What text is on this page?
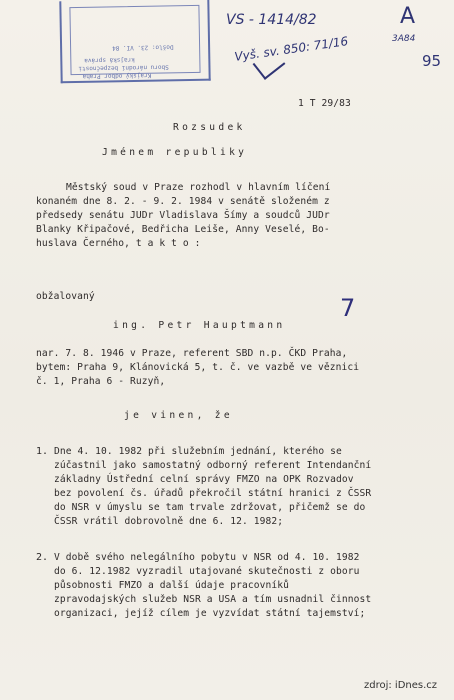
Došlo: 23. VI. 84
krajská správa
Sboru národní bezpečnosti
Krajský odbor Praha
VS - 1414/82
Vyš. sv. 850: 71/16
A
3A84
95
1 T 29/83
Rozsudek
Jménem republiky
Městský soud v Praze rozhodl v hlavním líčení
konaném dne 8. 2. - 9. 2. 1984 v senátě složeném z
předsedy senátu JUDr Vladislava Šímy a soudců JUDr
Blanky Křipačové, Bedřicha Leiše, Anny Veselé, Bo-
huslava Černého, t a k t o :
obžalovaný	7
ing. Petr Hauptmann
nar. 7. 8. 1946 v Praze, referent SBD n.p. ČKD Praha,
bytem: Praha 9, Klánovická 5, t. č. ve vazbě ve věznici
č. 1, Praha 6 - Ruzyň,
je vinen, že
1. Dne 4. 10. 1982 při služebním jednání, kterého se
zúčastnil jako samostatný odborný referent Intendanční
základny Ústřední celní správy FMZO na OPK Rozvadov
bez povolení čs. úřadů překročil státní hranici z ČSSR
do NSR v úmyslu se tam trvale zdržovat, přičemž se do
ČSSR vrátil dobrovolně dne 6. 12. 1982;
2. V době svého nelegálního pobytu v NSR od 4. 10. 1982
do 6. 12.1982 vyzradil utajované skutečnosti z oboru
působnosti FMZO a další údaje pracovníků
zpravodajských služeb NSR a USA a tím usnadnil činnost
organizaci, jejíž cílem je vyzvídat státní tajemství;
zdroj: iDnes.cz
